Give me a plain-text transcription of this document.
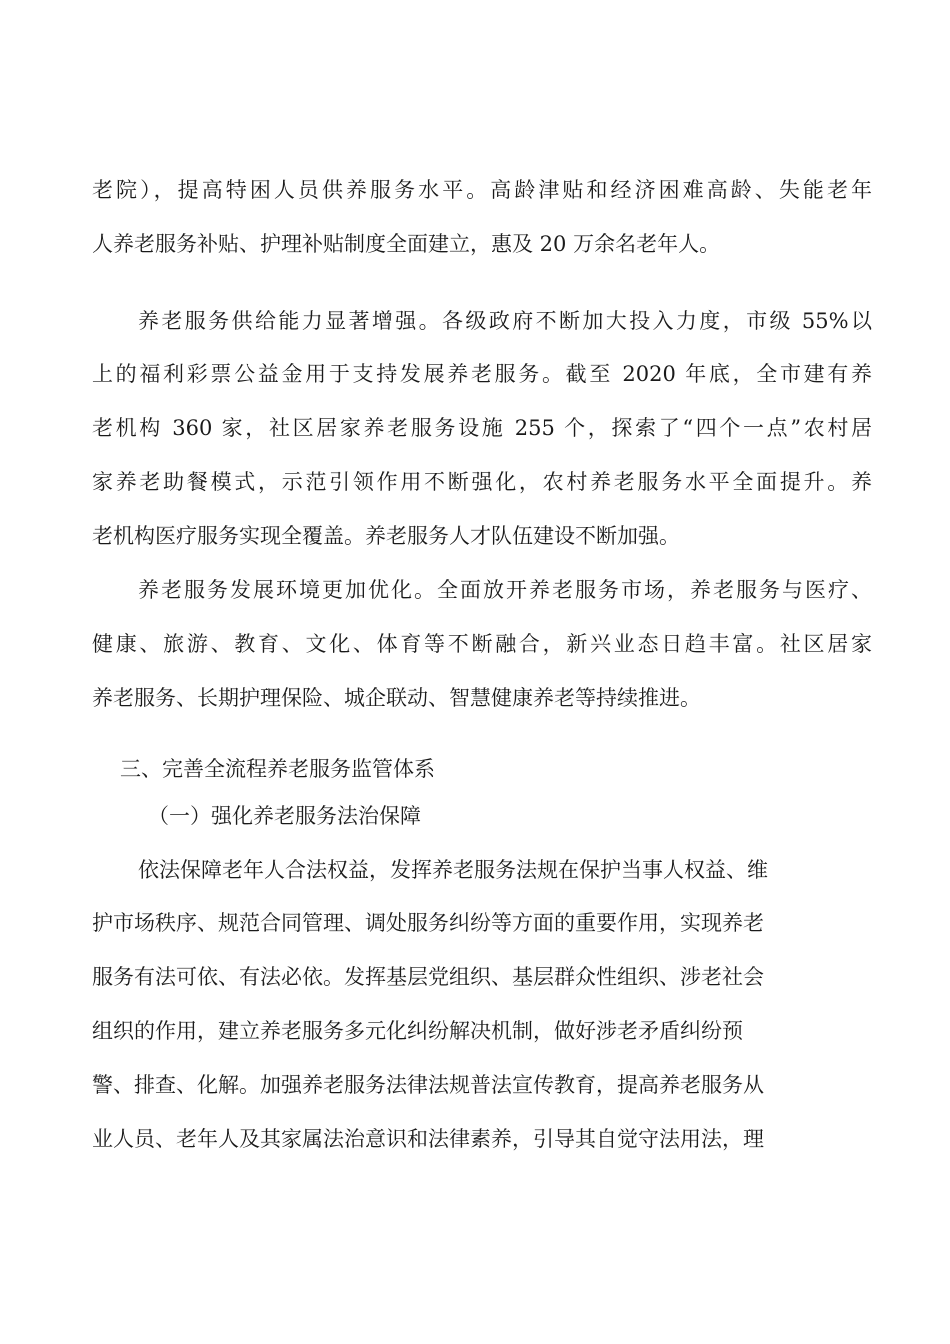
老院），提高特困人员供养服务水平。高龄津贴和经济困难高龄、失能老年
人养老服务补贴、护理补贴制度全面建立，惠及 20 万余名老年人。
养老服务供给能力显著增强。各级政府不断加大投入力度，市级 55%以
上的福利彩票公益金用于支持发展养老服务。截至 2020 年底，全市建有养
老机构 360 家，社区居家养老服务设施 255 个，探索了“四个一点”农村居
家养老助餐模式，示范引领作用不断强化，农村养老服务水平全面提升。养
老机构医疗服务实现全覆盖。养老服务人才队伍建设不断加强。
养老服务发展环境更加优化。全面放开养老服务市场，养老服务与医疗、
健康、旅游、教育、文化、体育等不断融合，新兴业态日趋丰富。社区居家
养老服务、长期护理保险、城企联动、智慧健康养老等持续推进。
三、完善全流程养老服务监管体系
（一）强化养老服务法治保障
依法保障老年人合法权益，发挥养老服务法规在保护当事人权益、维
护市场秩序、规范合同管理、调处服务纠纷等方面的重要作用，实现养老
服务有法可依、有法必依。发挥基层党组织、基层群众性组织、涉老社会
组织的作用，建立养老服务多元化纠纷解决机制，做好涉老矛盾纠纷预
警、排查、化解。加强养老服务法律法规普法宣传教育，提高养老服务从
业人员、老年人及其家属法治意识和法律素养，引导其自觉守法用法，理
